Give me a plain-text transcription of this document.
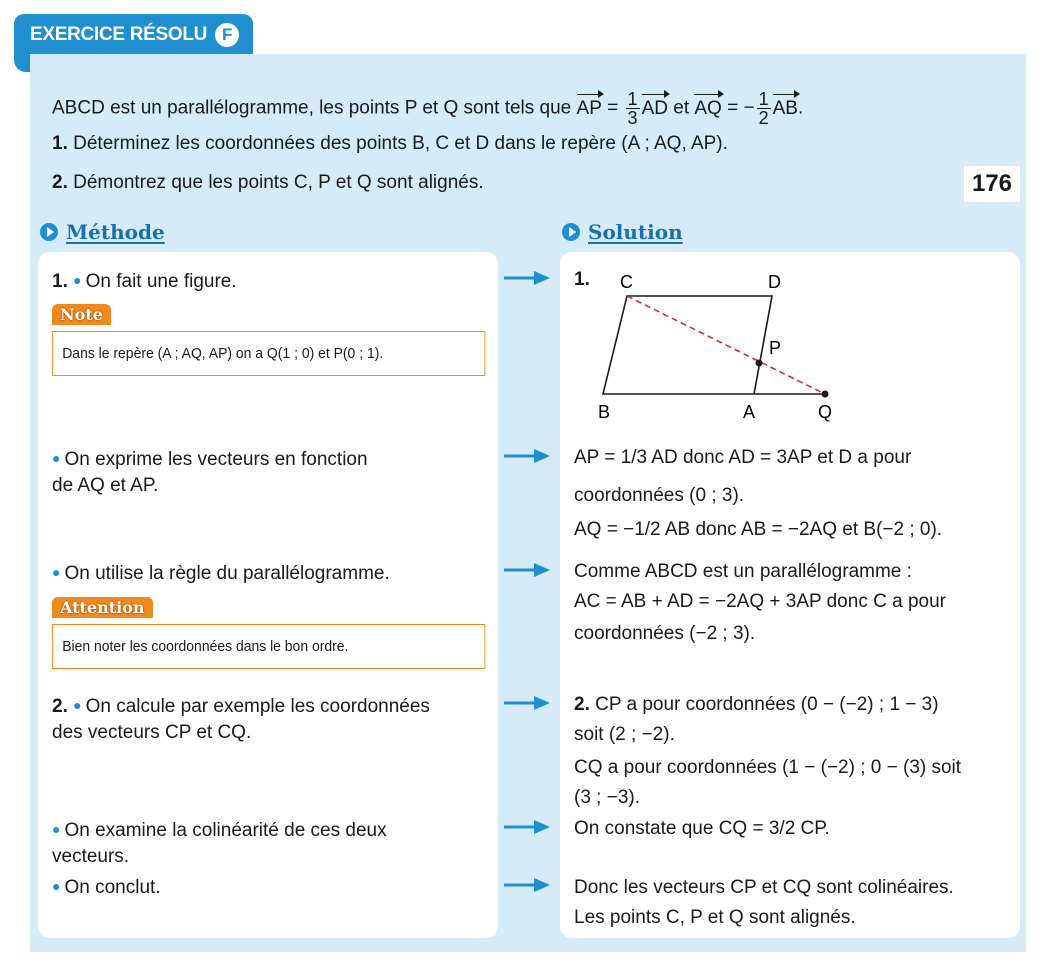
EXERCICE RÉSOLU F
ABCD est un parallélogramme, les points P et Q sont tels que AP = $\frac{1}{3}$ AD et AQ = − $\frac{1}{2}$ AB.
1. Déterminez les coordonnées des points B, C et D dans le repère (A ; AQ, AP).
2. Démontrez que les points C, P et Q sont alignés.	176
Méthode	Solution
1. ● On fait une figure.
Note
Dans le repère (A ; AQ, AP) on a Q(1 ; 0) et P(0 ; 1).
● On exprime les vecteurs en fonction
de AQ et AP.
● On utilise la règle du parallélogramme.
Attention
Bien noter les coordonnées dans le bon ordre.
2. ● On calcule par exemple les coordonnées
des vecteurs CP et CQ.
● On examine la colinéarité de ces deux
vecteurs.
● On conclut.
1. C	D
P
B	A	Q
AP = 1/3 AD donc AD = 3AP et D a pour
coordonnées (0 ; 3).
AQ = −1/2 AB donc AB = −2AQ et B(−2 ; 0).
Comme ABCD est un parallélogramme :
AC = AB + AD = −2AQ + 3AP donc C a pour
coordonnées (−2 ; 3).
2. CP a pour coordonnées (0 − (−2) ; 1 − 3)
soit (2 ; −2).
CQ a pour coordonnées (1 − (−2) ; 0 − (3) soit
(3 ; −3).
On constate que CQ = 3/2 CP.
Donc les vecteurs CP et CQ sont colinéaires.
Les points C, P et Q sont alignés.
